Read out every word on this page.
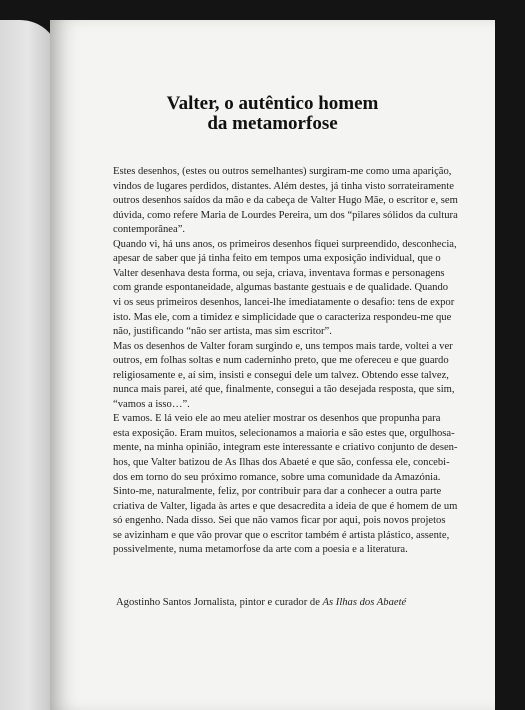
Valter, o autêntico homem
da metamorfose
Estes desenhos, (estes ou outros semelhantes) surgiram-me como uma aparição,
vindos de lugares perdidos, distantes. Além destes, já tinha visto sorrateiramente
outros desenhos saídos da mão e da cabeça de Valter Hugo Mãe, o escritor e, sem
dúvida, como refere Maria de Lourdes Pereira, um dos “pilares sólidos da cultura
contemporânea”.
Quando vi, há uns anos, os primeiros desenhos fiquei surpreendido, desconhecia,
apesar de saber que já tinha feito em tempos uma exposição individual, que o
Valter desenhava desta forma, ou seja, criava, inventava formas e personagens
com grande espontaneidade, algumas bastante gestuais e de qualidade. Quando
vi os seus primeiros desenhos, lancei-lhe imediatamente o desafio: tens de expor
isto. Mas ele, com a timidez e simplicidade que o caracteriza respondeu-me que
não, justificando “não ser artista, mas sim escritor”.
Mas os desenhos de Valter foram surgindo e, uns tempos mais tarde, voltei a ver
outros, em folhas soltas e num caderninho preto, que me ofereceu e que guardo
religiosamente e, aí sim, insisti e consegui dele um talvez. Obtendo esse talvez,
nunca mais parei, até que, finalmente, consegui a tão desejada resposta, que sim,
“vamos a isso…”.
E vamos. E lá veio ele ao meu atelier mostrar os desenhos que propunha para
esta exposição. Eram muitos, selecionamos a maioria e são estes que, orgulhosa-
mente, na minha opinião, integram este interessante e criativo conjunto de desen-
hos, que Valter batizou de As Ilhas dos Abaeté e que são, confessa ele, concebi-
dos em torno do seu próximo romance, sobre uma comunidade da Amazónia.
Sinto-me, naturalmente, feliz, por contribuir para dar a conhecer a outra parte
criativa de Valter, ligada às artes e que desacredita a ideia de que é homem de um
só engenho. Nada disso. Sei que não vamos ficar por aqui, pois novos projetos
se avizinham e que vão provar que o escritor também é artista plástico, assente,
possivelmente, numa metamorfose da arte com a poesia e a literatura.
Agostinho Santos Jornalista, pintor e curador de As Ilhas dos Abaeté
